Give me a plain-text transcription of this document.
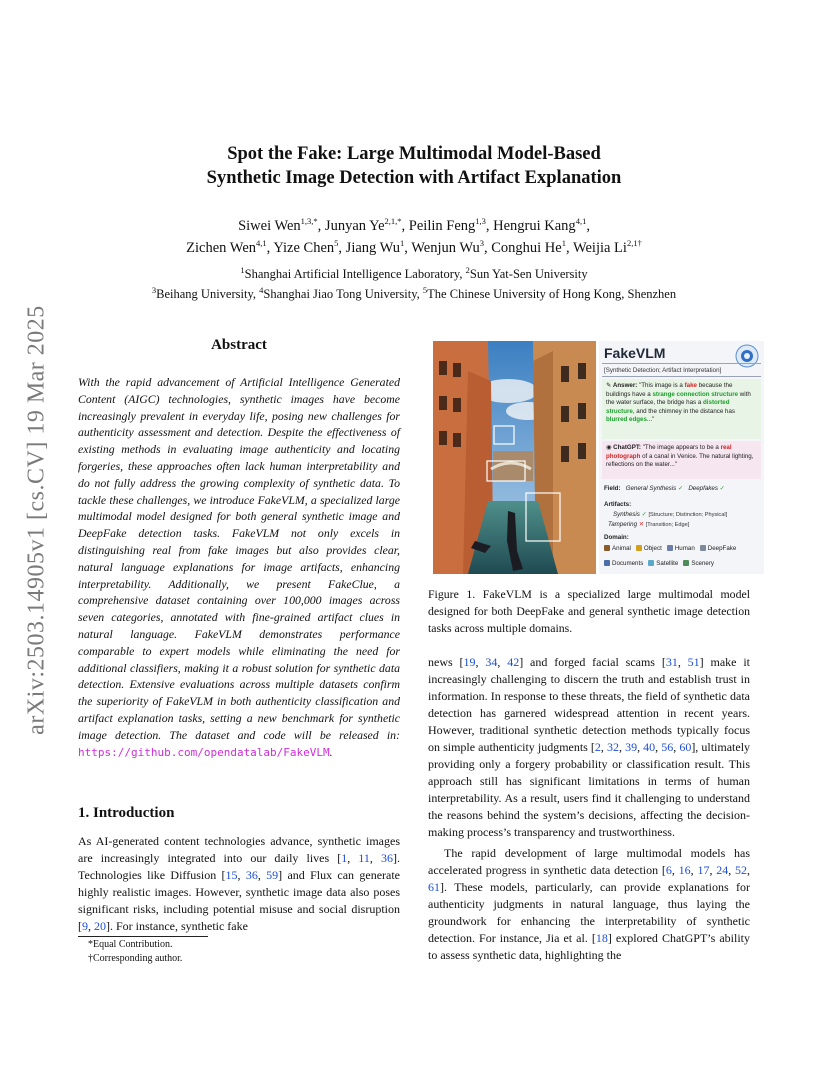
arXiv:2503.14905v1 [cs.CV] 19 Mar 2025
Spot the Fake: Large Multimodal Model-Based
Synthetic Image Detection with Artifact Explanation
Siwei Wen$^{1,3,*}$, Junyan $Ye^{2,1,*}$, Peilin Feng$^{1,3}$, Hengrui Kang$^{4,1}$,
Zichen Wen$^{4,1}$, Yize Chen$^5$, Jiang Wu$^1$, Wenjun Wu$^3$, Conghui He$^1$, Weijia $Li^{2,1\dagger}$
$^1$Shanghai Artificial Intelligence Laboratory, $^2$Sun Yat-Sen University
$^3$Beihang University, $^4$Shanghai Jiao Tong University, $^5$The Chinese University of Hong Kong, Shenzhen
Abstract
With the rapid advancement of Artificial Intelligence Generated Content (AIGC) technologies, synthetic images have become increasingly prevalent in everyday life, posing new challenges for authenticity assessment and detection. Despite the effectiveness of existing methods in evaluating image authenticity and locating forgeries, these approaches often lack human interpretability and do not fully address the growing complexity of synthetic data. To tackle these challenges, we introduce FakeVLM, a specialized large multimodal model designed for both general synthetic image and DeepFake detection tasks. FakeVLM not only excels in distinguishing real from fake images but also provides clear, natural language explanations for image artifacts, enhancing interpretability. Additionally, we present FakeClue, a comprehensive dataset containing over 100,000 images across seven categories, annotated with fine-grained artifact clues in natural language. FakeVLM demonstrates performance comparable to expert models while eliminating the need for additional classifiers, making it a robust solution for synthetic data detection. Extensive evaluations across multiple datasets confirm the superiority of FakeVLM in both authenticity classification and artifact explanation tasks, setting a new benchmark for synthetic image detection. The dataset and code will be released in: https://github.com/opendatalab/FakeVLM.
1. Introduction
As AI-generated content technologies advance, synthetic images are increasingly integrated into our daily lives [1, 11, 36]. Technologies like Diffusion [15, 36, 59] and Flux can generate highly realistic images. However, synthetic image data also poses significant risks, including potential misuse and social disruption [9, 20]. For instance, synthetic fake
*Equal Contribution.
†Corresponding author.
FakeVLM
[Synthetic Detection; Artifact Interpretation]
✎ Answer: "This image is a fake because the buildings have a strange connection structure with the water surface, the bridge has a distorted structure, and the chimney in the distance has blurred edges..."
◉ ChatGPT: "The image appears to be a real photograph of a canal in Venice. The natural lighting, reflections on the water..."
Field: General Synthesis ✓ Deepfakes ✓
Artifacts:
Synthesis ✓ [Structure; Distinction; Physical]
Tampering ✕ [Transition; Edge]
Domain:
Animal Object Human DeepFake
Documents Satellite Scenery
Figure 1. FakeVLM is a specialized large multimodal model designed for both DeepFake and general synthetic image detection tasks across multiple domains.

news [19, 34, 42] and forged facial scams [31, 51] make it increasingly challenging to discern the truth and establish trust in information. In response to these threats, the field of synthetic data detection has garnered widespread attention in recent years. However, traditional synthetic detection methods typically focus on simple authenticity judgments [2, 32, 39, 40, 56, 60], ultimately providing only a forgery probability or classification result. This approach still has significant limitations in terms of human interpretability. As a result, users find it challenging to understand the reasons behind the system’s decisions, affecting the decision-making process’s transparency and trustworthiness.

The rapid development of large multimodal models has accelerated progress in synthetic data detection [6, 16, 17, 24, 52, 61]. These models, particularly, can provide explanations for authenticity judgments in natural language, thus laying the groundwork for enhancing the interpretability of synthetic detection. For instance, Jia et al. [18] explored ChatGPT’s ability to assess synthetic data, highlighting the
